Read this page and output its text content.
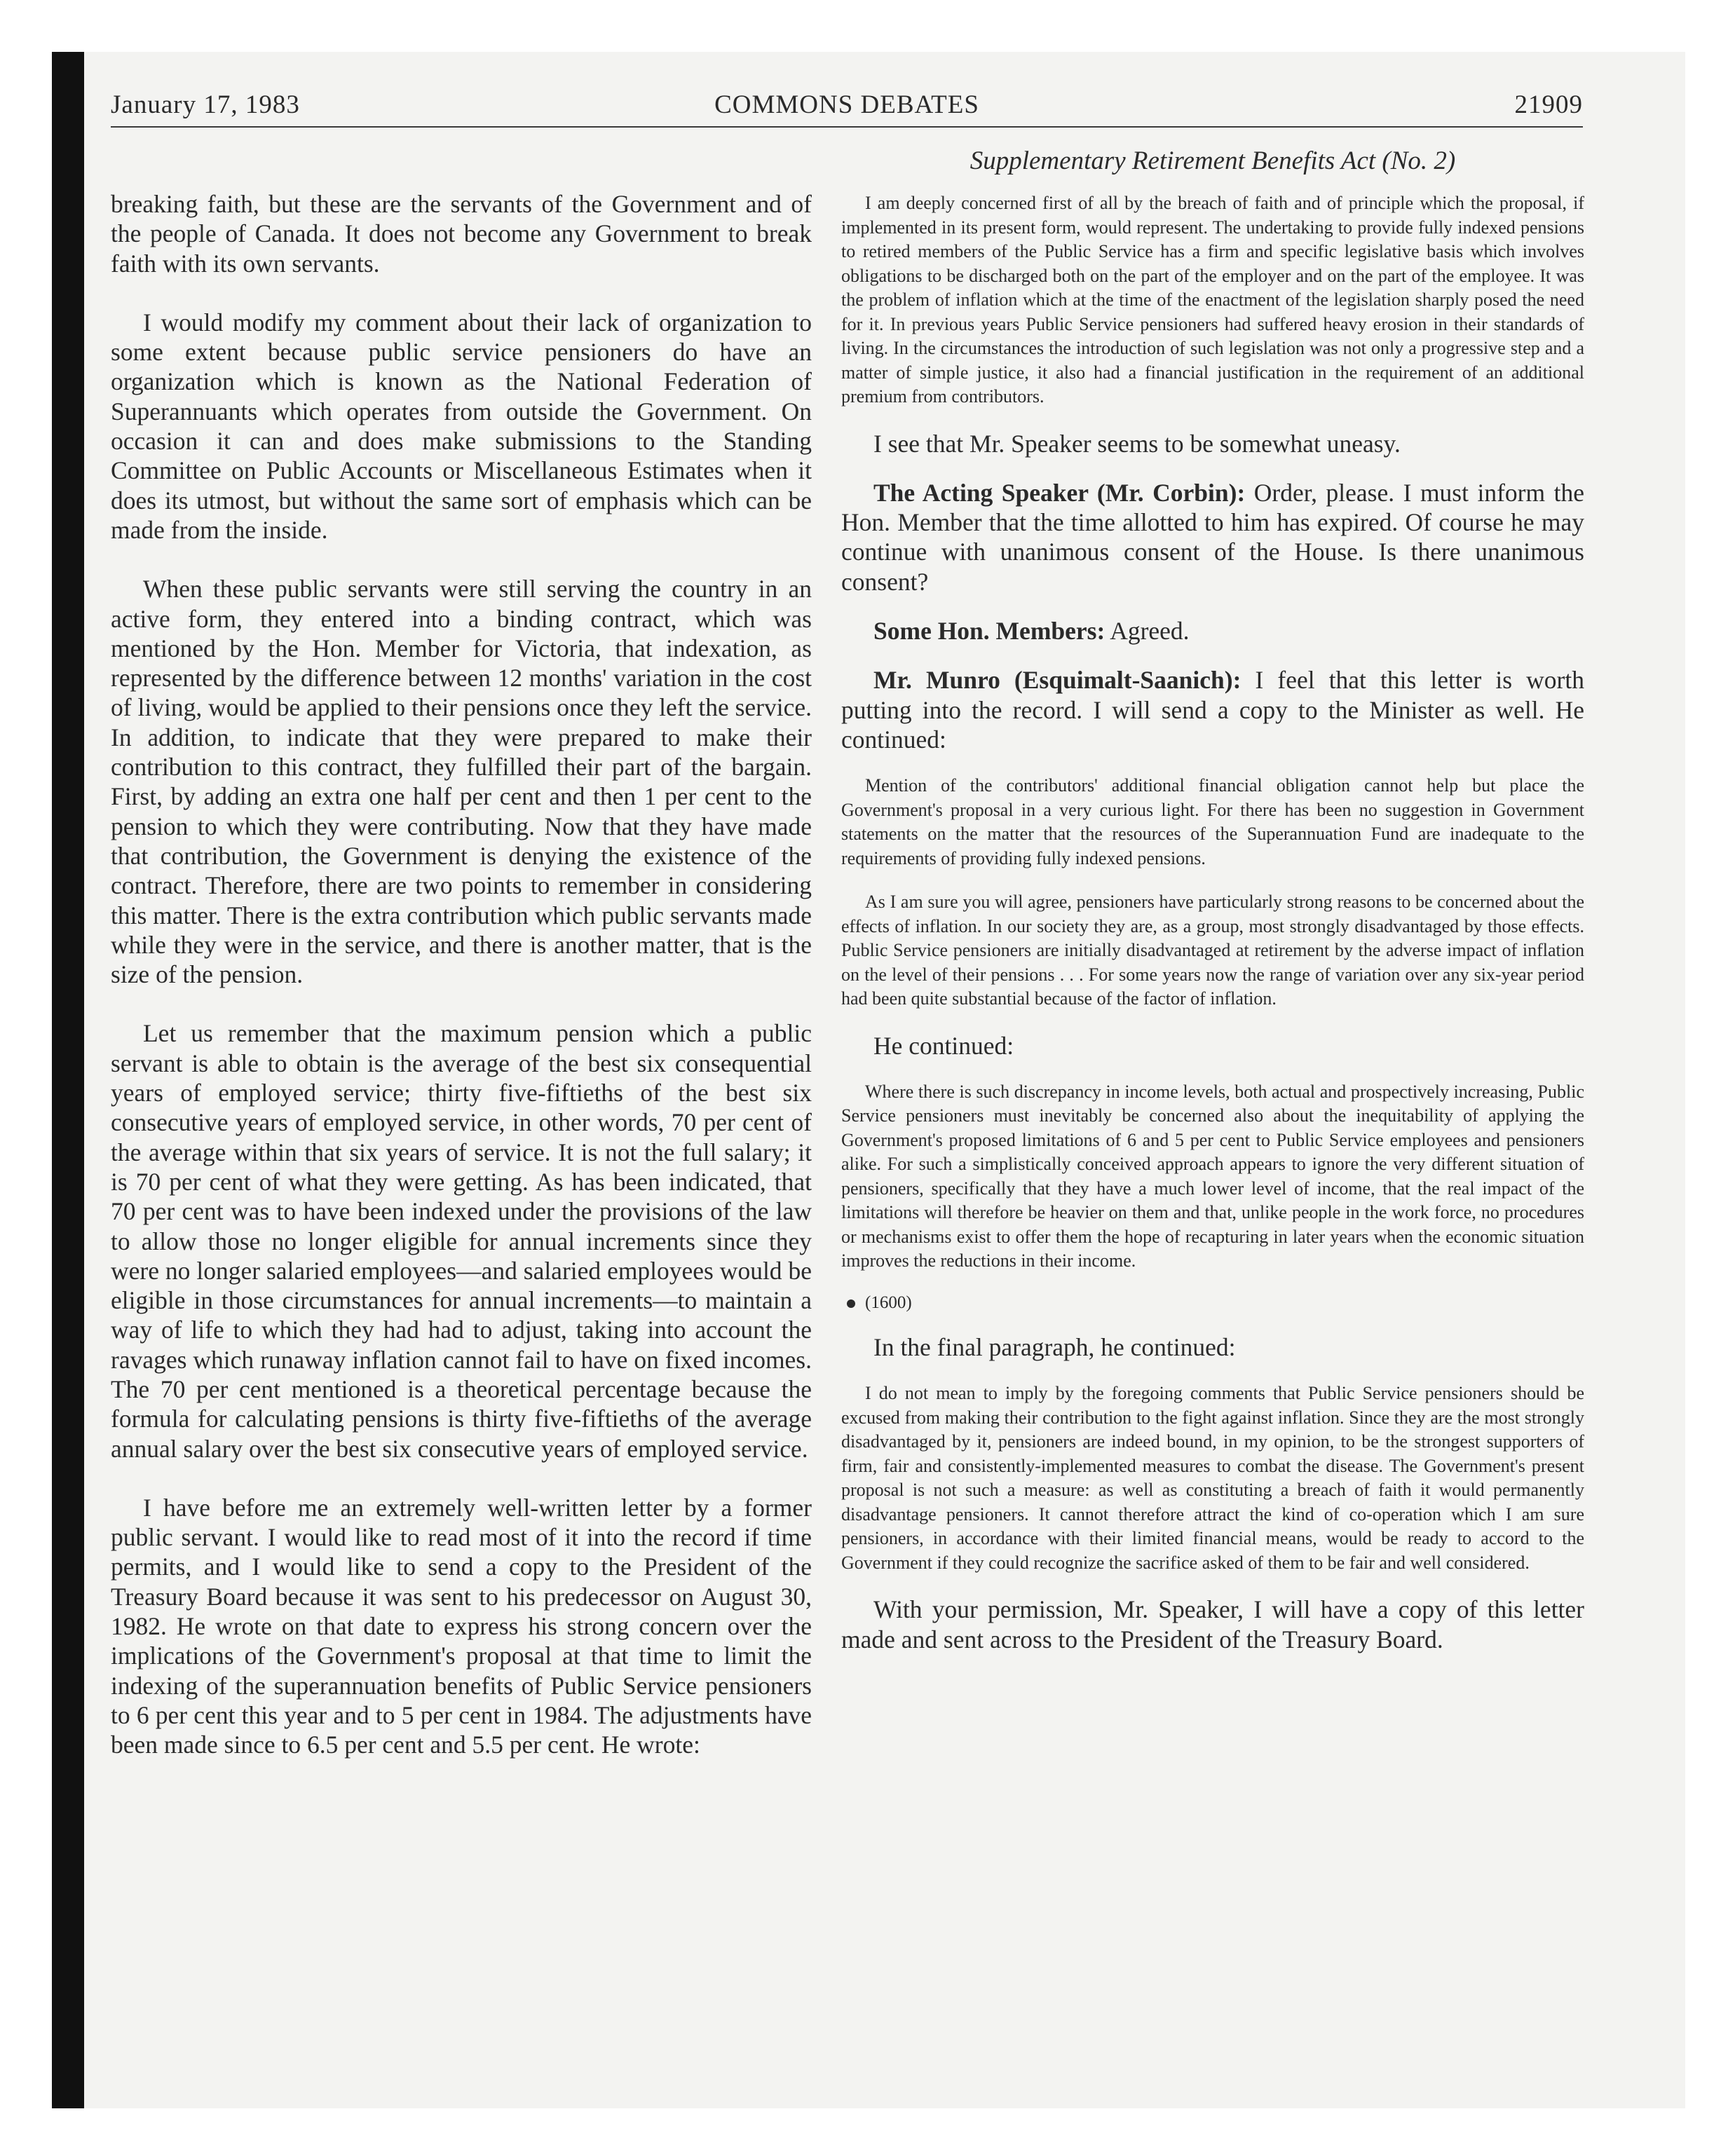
COMMONS DEBATES
January 17, 1983	21909

breaking faith, but these are the servants of the Government and of the people of Canada. It does not become any Government to break faith with its own servants.

I would modify my comment about their lack of organization to some extent because public service pensioners do have an organization which is known as the National Federation of Superannuants which operates from outside the Government. On occasion it can and does make submissions to the Standing Committee on Public Accounts or Miscellaneous Estimates when it does its utmost, but without the same sort of emphasis which can be made from the inside.

When these public servants were still serving the country in an active form, they entered into a binding contract, which was mentioned by the Hon. Member for Victoria, that indexation, as represented by the difference between 12 months' variation in the cost of living, would be applied to their pensions once they left the service. In addition, to indicate that they were prepared to make their contribution to this contract, they fulfilled their part of the bargain. First, by adding an extra one half per cent and then 1 per cent to the pension to which they were contributing. Now that they have made that contribution, the Government is denying the existence of the contract. Therefore, there are two points to remember in considering this matter. There is the extra contribution which public servants made while they were in the service, and there is another matter, that is the size of the pension.

Let us remember that the maximum pension which a public servant is able to obtain is the average of the best six consequential years of employed service; thirty five-fiftieths of the best six consecutive years of employed service, in other words, 70 per cent of the average within that six years of service. It is not the full salary; it is 70 per cent of what they were getting. As has been indicated, that 70 per cent was to have been indexed under the provisions of the law to allow those no longer eligible for annual increments since they were no longer salaried employees—and salaried employees would be eligible in those circumstances for annual increments—to maintain a way of life to which they had had to adjust, taking into account the ravages which runaway inflation cannot fail to have on fixed incomes. The 70 per cent mentioned is a theoretical percentage because the formula for calculating pensions is thirty five-fiftieths of the average annual salary over the best six consecutive years of employed service.

I have before me an extremely well-written letter by a former public servant. I would like to read most of it into the record if time permits, and I would like to send a copy to the President of the Treasury Board because it was sent to his predecessor on August 30, 1982. He wrote on that date to express his strong concern over the implications of the Government's proposal at that time to limit the indexing of the superannuation benefits of Public Service pensioners to 6 per cent this year and to 5 per cent in 1984. The adjustments have been made since to 6.5 per cent and 5.5 per cent. He wrote:

Supplementary Retirement Benefits Act (No. 2)

I am deeply concerned first of all by the breach of faith and of principle which the proposal, if implemented in its present form, would represent. The undertaking to provide fully indexed pensions to retired members of the Public Service has a firm and specific legislative basis which involves obligations to be discharged both on the part of the employer and on the part of the employee. It was the problem of inflation which at the time of the enactment of the legislation sharply posed the need for it. In previous years Public Service pensioners had suffered heavy erosion in their standards of living. In the circumstances the introduction of such legislation was not only a progressive step and a matter of simple justice, it also had a financial justification in the requirement of an additional premium from contributors.

I see that Mr. Speaker seems to be somewhat uneasy.

The Acting Speaker (Mr. Corbin): Order, please. I must inform the Hon. Member that the time allotted to him has expired. Of course he may continue with unanimous consent of the House. Is there unanimous consent?

Some Hon. Members: Agreed.

Mr. Munro (Esquimalt-Saanich): I feel that this letter is worth putting into the record. I will send a copy to the Minister as well. He continued:

Mention of the contributors' additional financial obligation cannot help but place the Government's proposal in a very curious light. For there has been no suggestion in Government statements on the matter that the resources of the Superannuation Fund are inadequate to the requirements of providing fully indexed pensions.

As I am sure you will agree, pensioners have particularly strong reasons to be concerned about the effects of inflation. In our society they are, as a group, most strongly disadvantaged by those effects. Public Service pensioners are initially disadvantaged at retirement by the adverse impact of inflation on the level of their pensions . . . For some years now the range of variation over any six-year period had been quite substantial because of the factor of inflation.

He continued:

Where there is such discrepancy in income levels, both actual and prospectively increasing, Public Service pensioners must inevitably be concerned also about the inequitability of applying the Government's proposed limitations of 6 and 5 per cent to Public Service employees and pensioners alike. For such a simplistically conceived approach appears to ignore the very different situation of pensioners, specifically that they have a much lower level of income, that the real impact of the limitations will therefore be heavier on them and that, unlike people in the work force, no procedures or mechanisms exist to offer them the hope of recapturing in later years when the economic situation improves the reductions in their income.

(1600)

In the final paragraph, he continued:

I do not mean to imply by the foregoing comments that Public Service pensioners should be excused from making their contribution to the fight against inflation. Since they are the most strongly disadvantaged by it, pensioners are indeed bound, in my opinion, to be the strongest supporters of firm, fair and consistently-implemented measures to combat the disease. The Government's present proposal is not such a measure: as well as constituting a breach of faith it would permanently disadvantage pensioners. It cannot therefore attract the kind of co-operation which I am sure pensioners, in accordance with their limited financial means, would be ready to accord to the Government if they could recognize the sacrifice asked of them to be fair and well considered.

With your permission, Mr. Speaker, I will have a copy of this letter made and sent across to the President of the Treasury Board.
